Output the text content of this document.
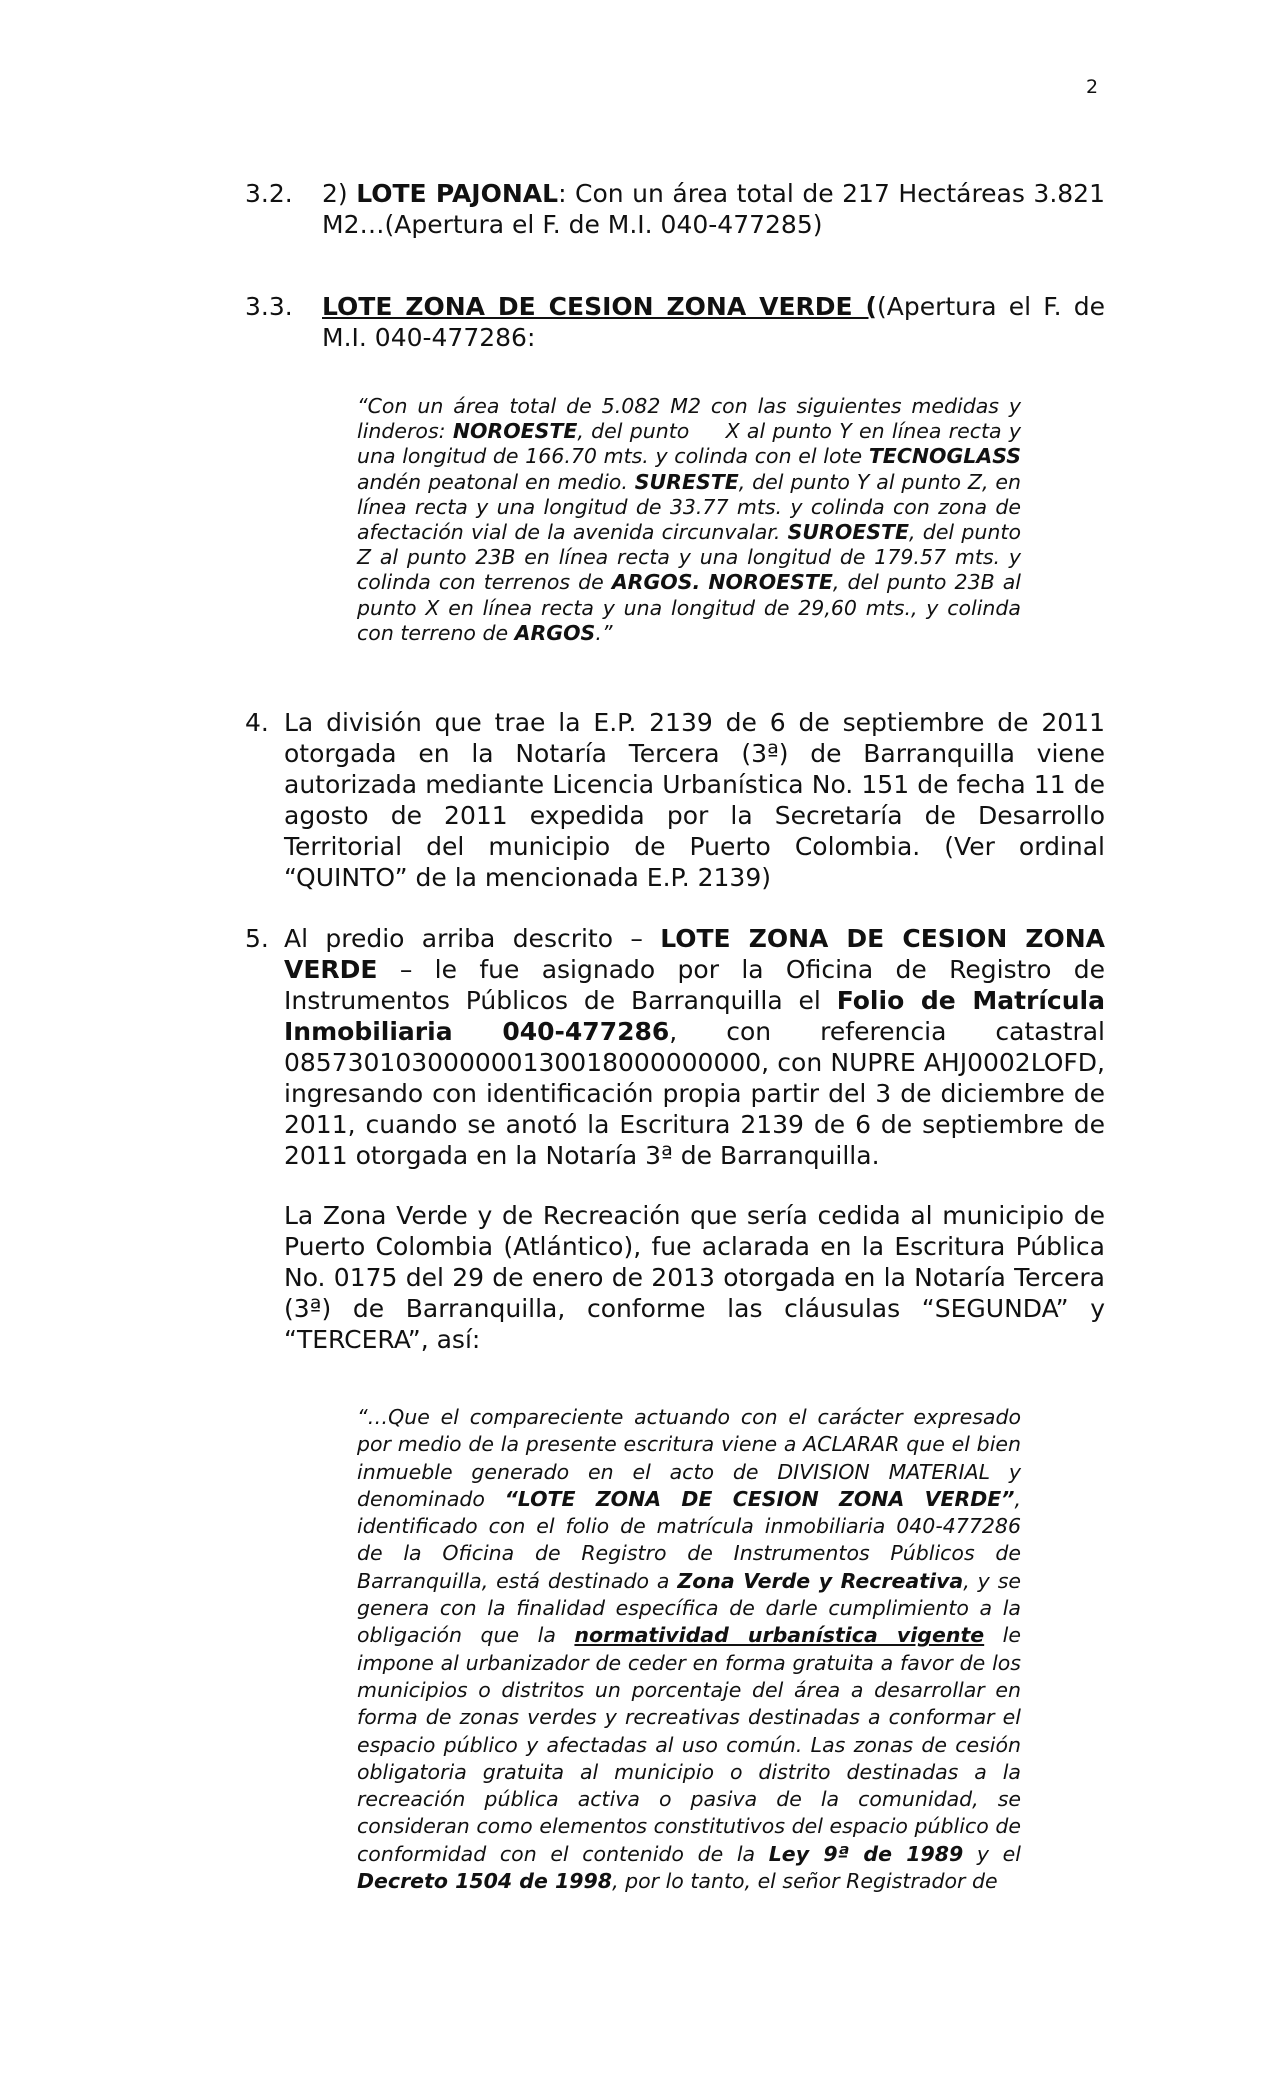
2
3.2. 2) LOTE PAJONAL: Con un área total de 217 Hectáreas 3.821 M2…(Apertura el F. de M.I. 040-477285)

3.3. LOTE ZONA DE CESION ZONA VERDE ((Apertura el F. de M.I. 040-477286:

“Con un área total de 5.082 M2 con las siguientes medidas y linderos: NOROESTE, del punto     X al punto Y en línea recta y una longitud de 166.70 mts. y colinda con el lote TECNOGLASS andén peatonal en medio. SURESTE, del punto Y al punto Z, en línea recta y una longitud de 33.77 mts. y colinda con zona de afectación vial de la avenida circunvalar. SUROESTE, del punto Z al punto 23B en línea recta y una longitud de 179.57 mts. y colinda con terrenos de ARGOS. NOROESTE, del punto 23B al punto X en línea recta y una longitud de 29,60 mts., y colinda con terreno de ARGOS.”

4. La división que trae la E.P. 2139 de 6 de septiembre de 2011 otorgada en la Notaría Tercera (3ª) de Barranquilla viene autorizada mediante Licencia Urbanística No. 151 de fecha 11 de agosto de 2011 expedida por la Secretaría de Desarrollo Territorial del municipio de Puerto Colombia. (Ver ordinal “QUINTO” de la mencionada E.P. 2139)

5. Al predio arriba descrito – LOTE ZONA DE CESION ZONA VERDE – le fue asignado por la Oficina de Registro de Instrumentos Públicos de Barranquilla el Folio de Matrícula Inmobiliaria 040-477286, con referencia catastral 085730103000000130018000000000, con NUPRE AHJ0002LOFD, ingresando con identificación propia partir del 3 de diciembre de 2011, cuando se anotó la Escritura 2139 de 6 de septiembre de 2011 otorgada en la Notaría 3ª de Barranquilla.

La Zona Verde y de Recreación que sería cedida al municipio de Puerto Colombia (Atlántico), fue aclarada en la Escritura Pública No. 0175 del 29 de enero de 2013 otorgada en la Notaría Tercera (3ª) de Barranquilla, conforme las cláusulas “SEGUNDA” y “TERCERA”, así:

“…Que el compareciente actuando con el carácter expresado por medio de la presente escritura viene a ACLARAR que el bien inmueble generado en el acto de DIVISION MATERIAL y denominado “LOTE ZONA DE CESION ZONA VERDE”, identificado con el folio de matrícula inmobiliaria 040-477286 de la Oficina de Registro de Instrumentos Públicos de Barranquilla, está destinado a Zona Verde y Recreativa, y se genera con la finalidad específica de darle cumplimiento a la obligación que la normatividad urbanística vigente le impone al urbanizador de ceder en forma gratuita a favor de los municipios o distritos un porcentaje del área a desarrollar en forma de zonas verdes y recreativas destinadas a conformar el espacio público y afectadas al uso común. Las zonas de cesión obligatoria gratuita al municipio o distrito destinadas a la recreación pública activa o pasiva de la comunidad, se consideran como elementos constitutivos del espacio público de conformidad con el contenido de la Ley 9ª de 1989 y el Decreto 1504 de 1998, por lo tanto, el señor Registrador de
